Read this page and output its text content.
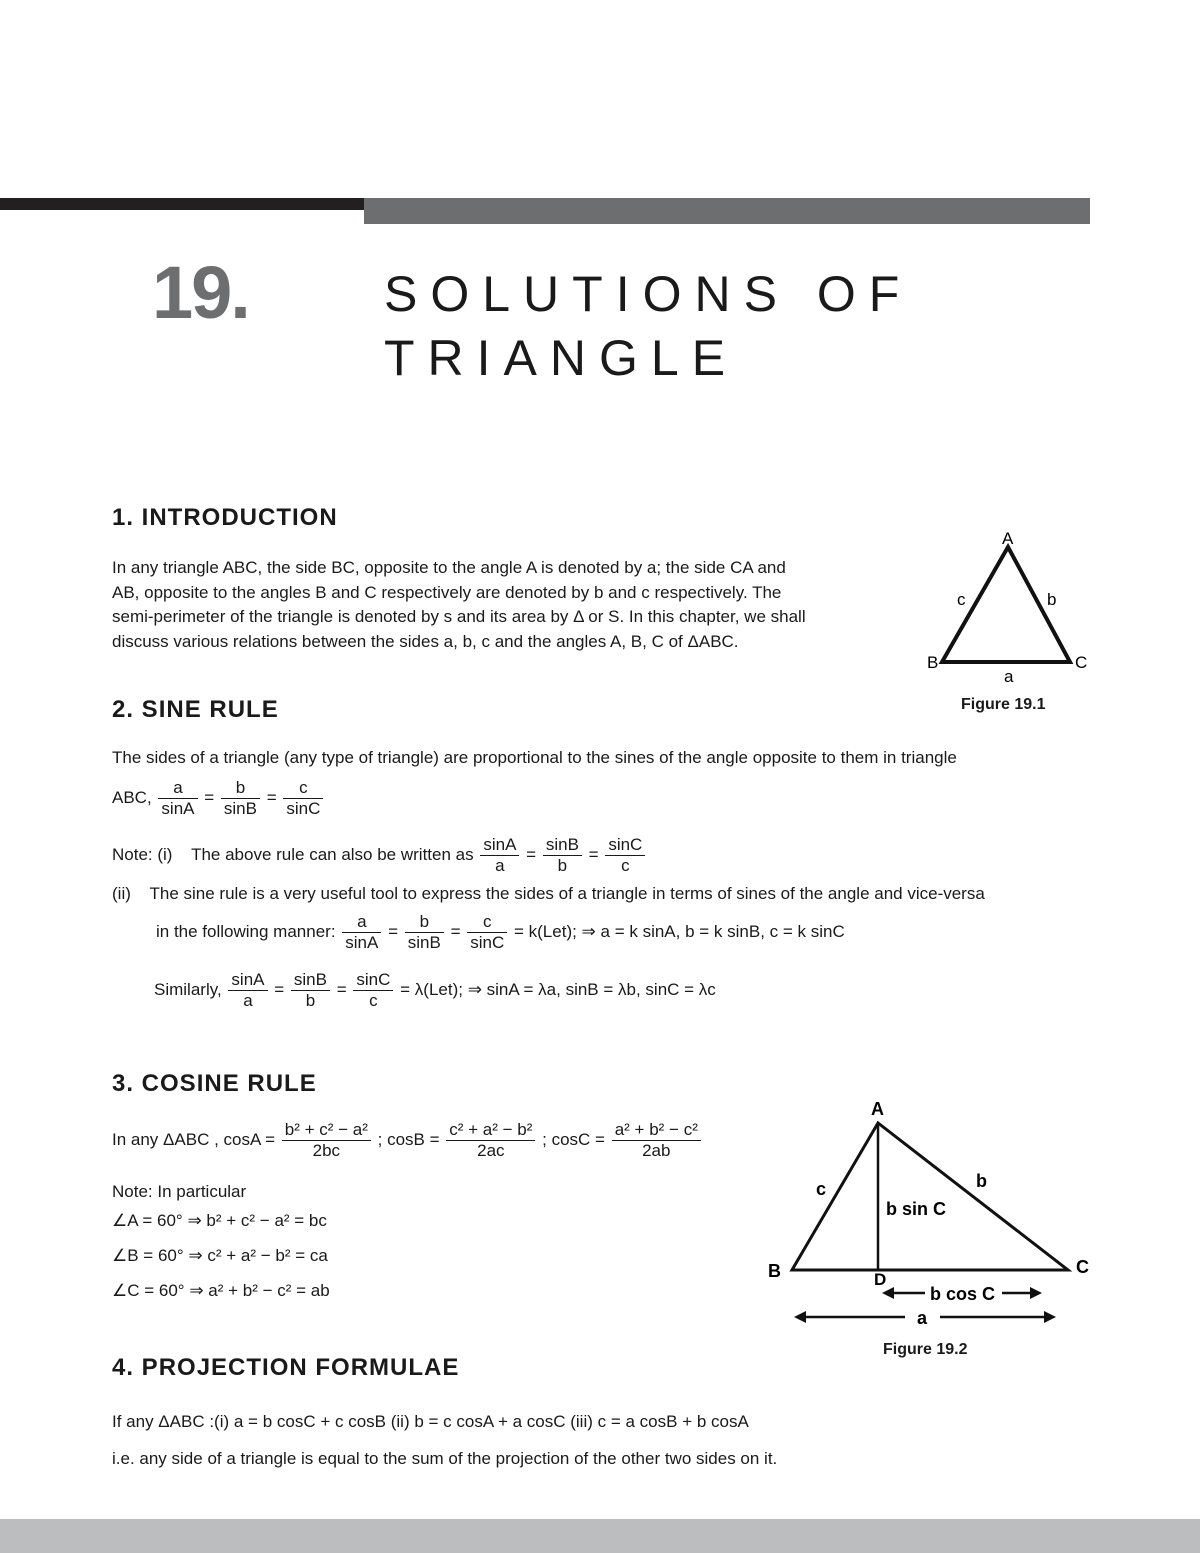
19.	SOLUTIONS OF
TRIANGLE
1. INTRODUCTION
In any triangle ABC, the side BC, opposite to the angle A is denoted by a; the side CA and
AB, opposite to the angles B and C respectively are denoted by b and c respectively. The
semi-perimeter of the triangle is denoted by s and its area by Δ or S. In this chapter, we shall
discuss various relations between the sides a, b, c and the angles A, B, C of ΔABC.
A
B	C
a
b
c
Figure 19.1
2. SINE RULE
The sides of a triangle (any type of triangle) are proportional to the sines of the angle opposite to them in triangle
ABC, $\frac{a}{\sin A} = \frac{b}{\sin B} = \frac{c}{\sin C}$
Note: (i) The above rule can also be written as $\frac{\sin A}{a} = \frac{\sin B}{b} = \frac{\sin C}{c}$
(ii) The sine rule is a very useful tool to express the sides of a triangle in terms of sines of the angle and vice-versa
in the following manner: $\frac{a}{\sin A} = \frac{b}{\sin B} = \frac{c}{\sin C} = k(Let)$; ⇒ a = k sinA, b = k sinB, c = k sinC
Similarly, $\frac{\sin A}{a} = \frac{\sin B}{b} = \frac{\sin C}{c} = \lambda(Let)$; ⇒ sinA = λa, sinB = λb, sinC = λc
3. COSINE RULE
In any ΔABC , $\cos A = \frac{\text{b² + c² − a²}}{2bc}$ ; $\cos B = \frac{\text{c² + a² − b²}}{2ac}$ ; $\cos C = \frac{\text{a² + b² − c²}}{2ab}$
Note: In particular
∠A = 60° ⇒ b² + c² − a² = bc
∠B = 60° ⇒ c² + a² − b² = ca
∠C = 60° ⇒ a² + b² − c² = ab
A
B	C
D
b
c
b sin C
b cos C
a
Figure 19.2
4. PROJECTION FORMULAE
If any ΔABC :(i) a = b cosC + c cosB (ii) b = c cosA + a cosC (iii) c = a cosB + b cosA
i.e. any side of a triangle is equal to the sum of the projection of the other two sides on it.
